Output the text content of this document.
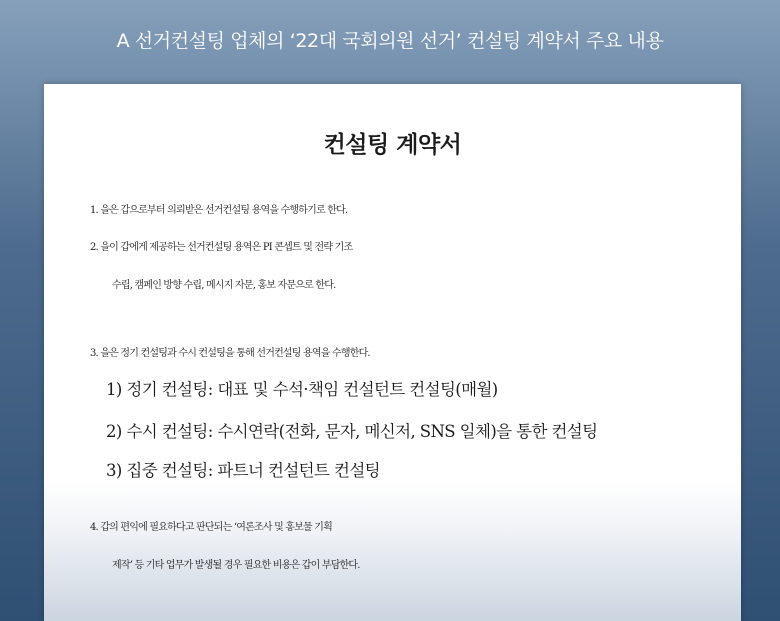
A 선거컨설팅 업체의 ‘22대 국회의원 선거’ 컨설팅 계약서 주요 내용
컨설팅 계약서
1. 을은 갑으로부터 의뢰받은 선거컨설팅 용역을 수행하기로 한다.
2. 을이 갑에게 제공하는 선거컨설팅 용역은 PI 콘셉트 및 전략 기조
수립, 캠페인 방향 수립, 메시지 자문, 홍보 자문으로 한다.
3. 을은 정기 컨설팅과 수시 컨설팅을 통해 선거컨설팅 용역을 수행한다.
1) 정기 컨설팅: 대표 및 수석·책임 컨설턴트 컨설팅(매월)
2) 수시 컨설팅: 수시연락(전화, 문자, 메신저, SNS 일체)을 통한 컨설팅
3) 집중 컨설팅: 파트너 컨설턴트 컨설팅
4. 갑의 편익에 필요하다고 판단되는 ‘여론조사 및 홍보물 기획
제작’ 등 기타 업무가 발생될 경우 필요한 비용은 갑이 부담한다.
